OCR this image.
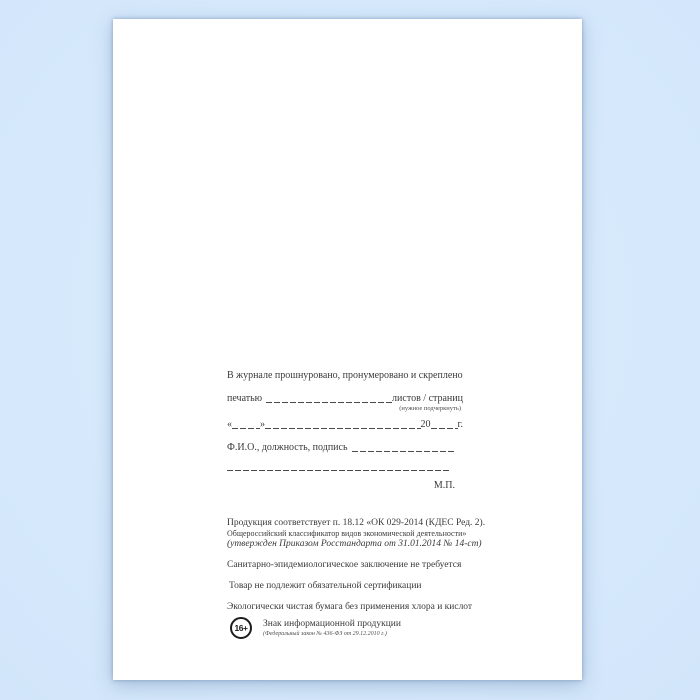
В журнале прошнуровано, пронумеровано и скреплено
печатью	листов / страниц
(нужное подчеркнуть)
«	»	20	г.
Ф.И.О., должность, подпись
М.П.
Продукция соответствует п. 18.12 «ОК 029-2014 (КДЕС Ред. 2).
Общероссийский классификатор видов экономической деятельности»
(утвержден Приказом Росстандарта от 31.01.2014 № 14-ст)
Санитарно-эпидемиологическое заключение не требуется
Товар не подлежит обязательной сертификации
Экологически чистая бумага без применения хлора и кислот
16+ Знак информационной продукции
(Федеральный закон № 436-ФЗ от 29.12.2010 г.)
